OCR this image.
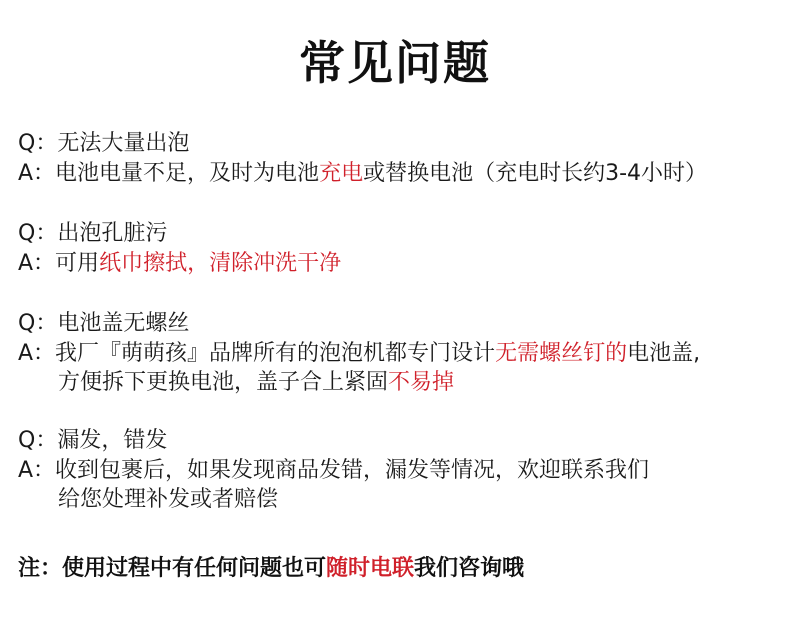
常见问题
Q：无法大量出泡
A：电池电量不足，及时为电池充电或替换电池（充电时长约3-4小时）
Q：出泡孔脏污
A：可用纸巾擦拭，清除冲洗干净
Q：电池盖无螺丝
A：我厂『萌萌孩』品牌所有的泡泡机都专门设计无需螺丝钉的电池盖,
方便拆下更换电池，盖子合上紧固不易掉
Q：漏发，错发
A：收到包裹后，如果发现商品发错，漏发等情况，欢迎联系我们
给您处理补发或者赔偿
注：使用过程中有任何问题也可随时电联我们咨询哦
